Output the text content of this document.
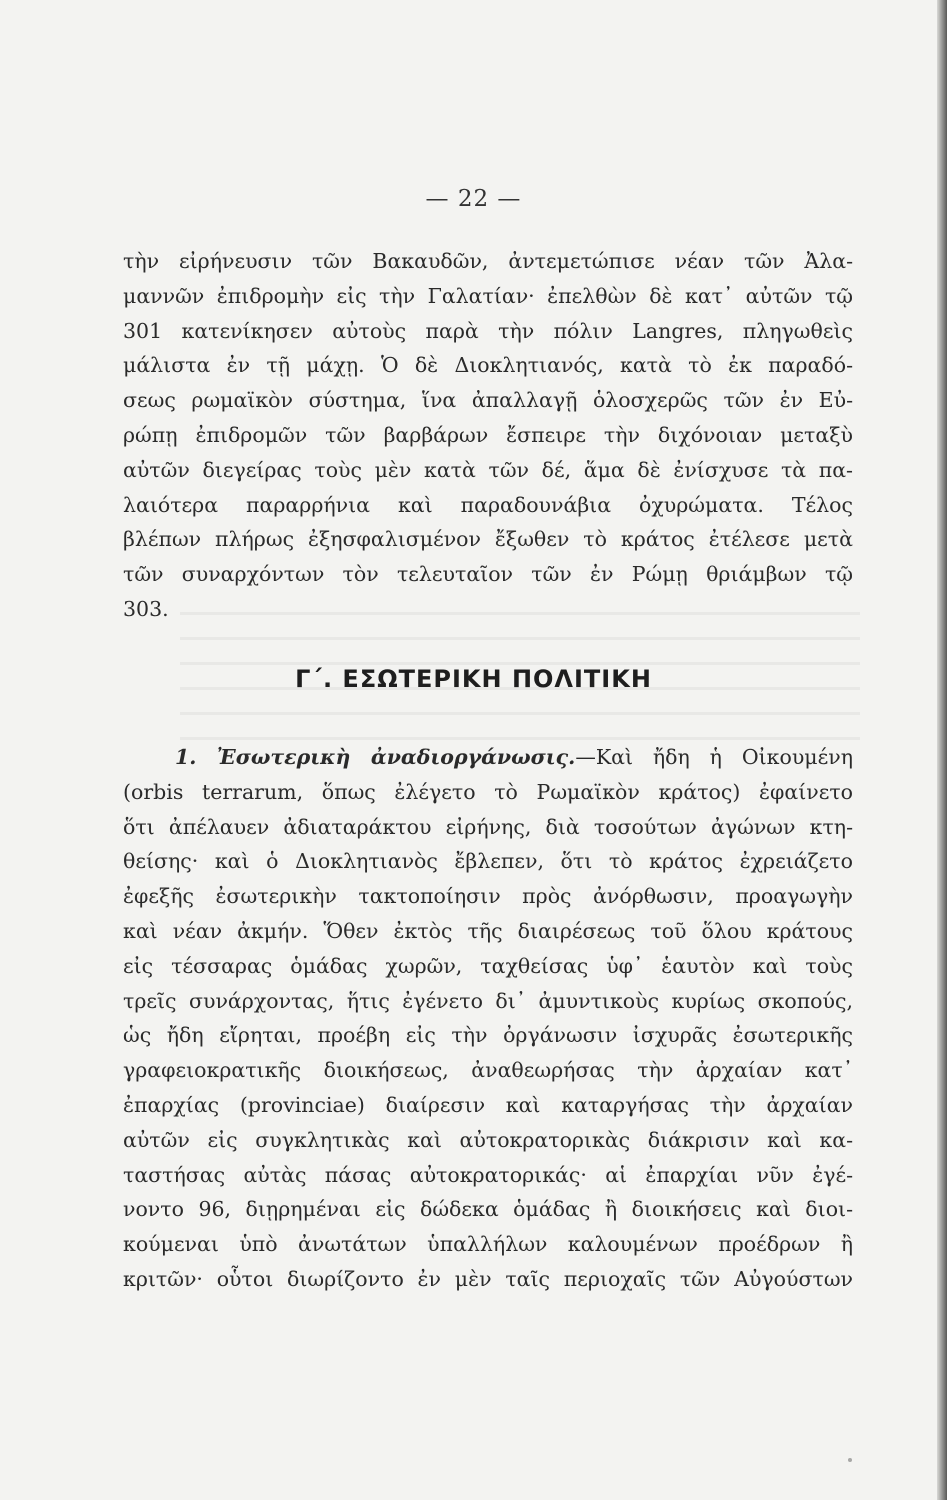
— 22 —
τὴν εἰρήνευσιν τῶν Βακαυδῶν, ἀντεμετώπισε νέαν τῶν Ἀλα-
μαννῶν ἐπιδρομὴν εἰς τὴν Γαλατίαν· ἐπελθὼν δὲ κατ᾽ αὐτῶν τῷ
301 κατενίκησεν αὐτοὺς παρὰ τὴν πόλιν Langres, πληγωθεὶς
μάλιστα ἐν τῇ μάχῃ. Ὁ δὲ Διοκλητιανός, κατὰ τὸ ἐκ παραδό-
σεως ρωμαϊκὸν σύστημα, ἵνα ἀπαλλαγῇ ὁλοσχερῶς τῶν ἐν Εὐ-
ρώπῃ ἐπιδρομῶν τῶν βαρβάρων ἔσπειρε τὴν διχόνοιαν μεταξὺ
αὐτῶν διεγείρας τοὺς μὲν κατὰ τῶν δέ, ἅμα δὲ ἐνίσχυσε τὰ πα-
λαιότερα παραρρήνια καὶ παραδουνάβια ὀχυρώματα. Τέλος
βλέπων πλήρως ἐξησφαλισμένον ἔξωθεν τὸ κράτος ἐτέλεσε μετὰ
τῶν συναρχόντων τὸν τελευταῖον τῶν ἐν Ρώμῃ θριάμβων τῷ
303.
Γ΄. ΕΣΩΤΕΡΙΚΗ ΠΟΛΙΤΙΚΗ
1. Ἐσωτερικὴ ἀναδιοργάνωσις.—Καὶ ἤδη ἡ Οἰκουμένη
(orbis terrarum, ὅπως ἐλέγετο τὸ Ρωμαϊκὸν κράτος) ἐφαίνετο
ὅτι ἀπέλαυεν ἀδιαταράκτου εἰρήνης, διὰ τοσούτων ἀγώνων κτη-
θείσης· καὶ ὁ Διοκλητιανὸς ἔβλεπεν, ὅτι τὸ κράτος ἐχρειάζετο
ἐφεξῆς ἐσωτερικὴν τακτοποίησιν πρὸς ἀνόρθωσιν, προαγωγὴν
καὶ νέαν ἀκμήν. Ὅθεν ἐκτὸς τῆς διαιρέσεως τοῦ ὅλου κράτους
εἰς τέσσαρας ὁμάδας χωρῶν, ταχθείσας ὑφ᾽ ἑαυτὸν καὶ τοὺς
τρεῖς συνάρχοντας, ἥτις ἐγένετο δι᾽ ἀμυντικοὺς κυρίως σκοπούς,
ὡς ἤδη εἴρηται, προέβη εἰς τὴν ὀργάνωσιν ἰσχυρᾶς ἐσωτερικῆς
γραφειοκρατικῆς διοικήσεως, ἀναθεωρήσας τὴν ἀρχαίαν κατ᾽
ἐπαρχίας (provinciae) διαίρεσιν καὶ καταργήσας τὴν ἀρχαίαν
αὐτῶν εἰς συγκλητικὰς καὶ αὐτοκρατορικὰς διάκρισιν καὶ κα-
ταστήσας αὐτὰς πάσας αὐτοκρατορικάς· αἱ ἐπαρχίαι νῦν ἐγέ-
νοντο 96, διῃρημέναι εἰς δώδεκα ὁμάδας ἢ διοικήσεις καὶ διοι-
κούμεναι ὑπὸ ἀνωτάτων ὑπαλλήλων καλουμένων προέδρων ἢ
κριτῶν· οὗτοι διωρίζοντο ἐν μὲν ταῖς περιοχαῖς τῶν Αὐγούστων
